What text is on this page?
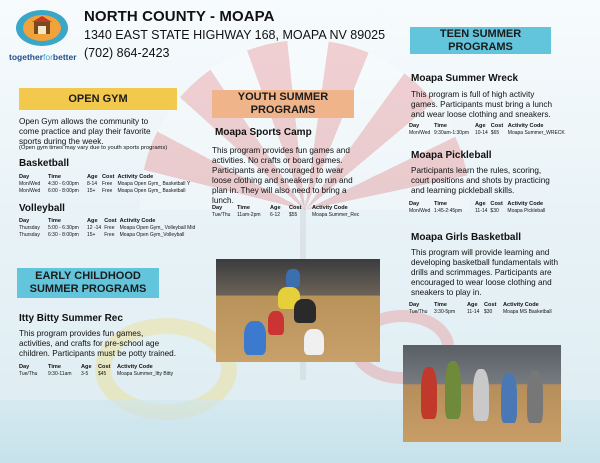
togetherforbetter
NORTH COUNTY - MOAPA
1340 EAST STATE HIGHWAY 168, MOAPA NV 89025
(702) 864-2423
OPEN GYM
Open Gym allows the community to come practice and play their favorite sports during the week.
(Open gym times may vary due to youth sports programs)
Basketball
Day	Time	Age	Cost	Activity Code
Mon/Wed	4:30 - 6:00pm	8-14	Free	Moapa Open Gym_ Basketball Y
Mon/Wed	6:00 - 8:00pm	15+	Free	Moapa Open Gym_ Basketball
Volleyball
Day	Time	Age	Cost	Activity Code
Thursday	5:00 - 6:30pm	12 -14	Free	Moapa Open Gym_ Volleyball Mid
Thursday	6:30 - 8:00pm	15+	Free	Moapa Open Gym_Volleyball
EARLY CHILDHOOD SUMMER PROGRAMS
Itty Bitty Summer Rec
This program provides fun games, activities, and crafts for pre-school age children. Participants must be potty trained.
Day	Time	Age	Cost	Activity Code
Tue/Thu	9:30-11am	3-5	$45	Moapa Summer_Itty Bitty
YOUTH SUMMER PROGRAMS
Moapa Sports Camp
This program provides fun games and activities. No crafts or board games. Participants are encouraged to wear loose clothing and sneakers to run and plan in. They will also need to bring a lunch.
Day	Time	Age	Cost	Activity Code
Tue/Thu	11am-2pm	6-12	$55	Moapa Summer_Rec
TEEN SUMMER PROGRAMS
Moapa Summer Wreck
This program is full of high activity games. Participants must bring a lunch and wear loose clothing and sneakers.
Day	Time	Age	Cost	Activity Code
Mon/Wed	9:30am-1:30pm	10-14	$65	Moapa Summer_WRECK
Moapa Pickleball
Participants learn the rules, scoring, court positions and shots by practicing and learning pickleball skills.
Day	Time	Age	Cost	Activity Code
Mon/Wed	1:45-2:45pm	11-14	$30	Moapa Pickleball
Moapa Girls Basketball
This program will provide learning and developing basketball fundamentals with drills and scrimmages. Participants are encouraged to wear loose clothing and sneakers to play in.
Day	Time	Age	Cost	Activity Code
Tue/Thu	3:30-5pm	11-14	$30	Moapa MS Basketball
